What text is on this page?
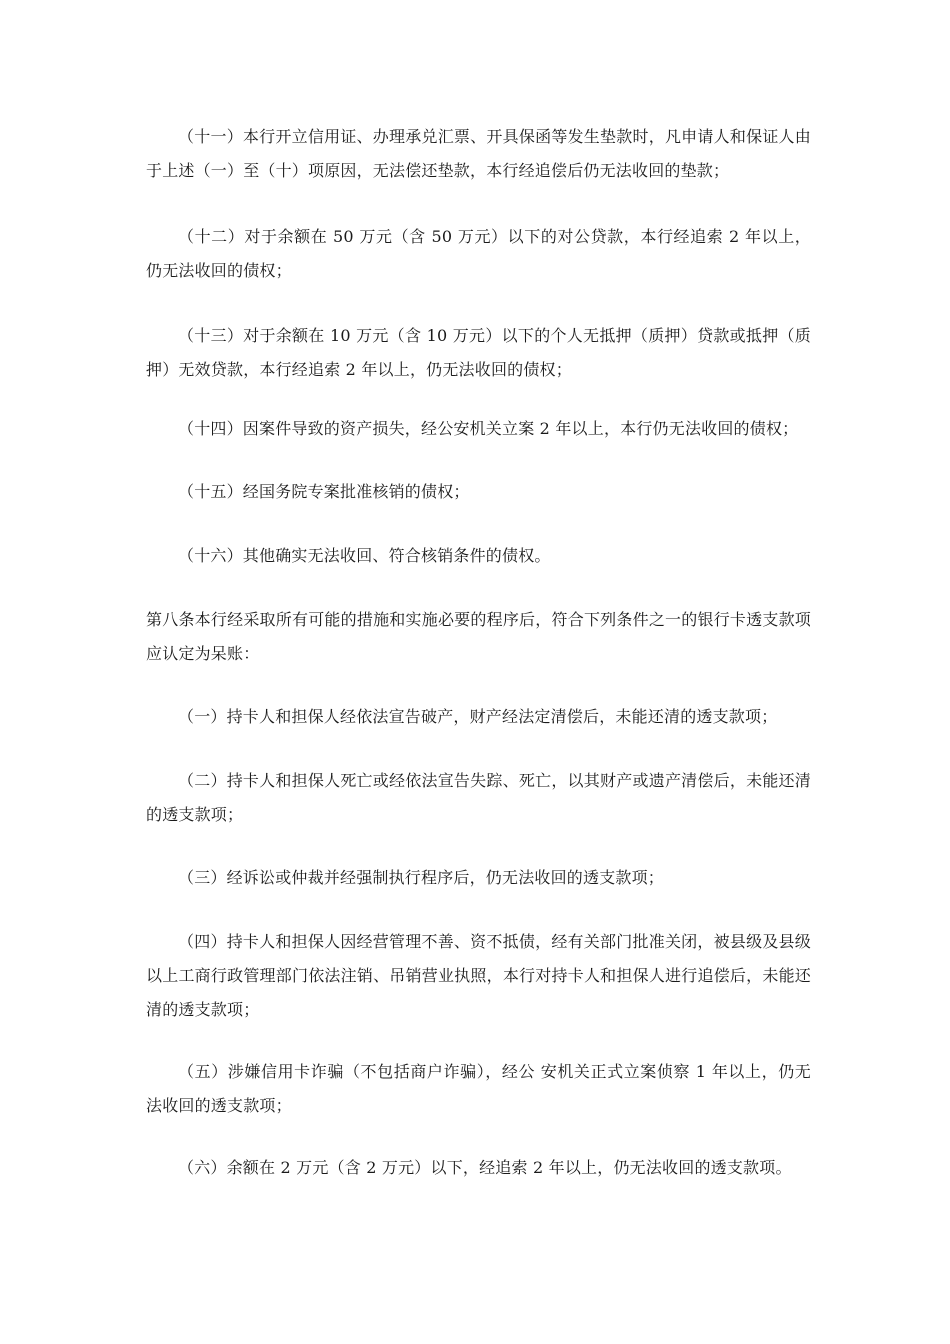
（十一）本行开立信用证、办理承兑汇票、开具保函等发生垫款时，凡申请人和保证人由于上述（一）至（十）项原因，无法偿还垫款，本行经追偿后仍无法收回的垫款；

（十二）对于余额在 50 万元（含 50 万元）以下的对公贷款，本行经追索 2 年以上，仍无法收回的债权；

（十三）对于余额在 10 万元（含 10 万元）以下的个人无抵押（质押）贷款或抵押（质押）无效贷款，本行经追索 2 年以上，仍无法收回的债权；

（十四）因案件导致的资产损失，经公安机关立案 2 年以上，本行仍无法收回的债权；

（十五）经国务院专案批准核销的债权；

（十六）其他确实无法收回、符合核销条件的债权。

第八条本行经采取所有可能的措施和实施必要的程序后，符合下列条件之一的银行卡透支款项应认定为呆账：

（一）持卡人和担保人经依法宣告破产，财产经法定清偿后，未能还清的透支款项；

（二）持卡人和担保人死亡或经依法宣告失踪、死亡，以其财产或遗产清偿后，未能还清的透支款项；

（三）经诉讼或仲裁并经强制执行程序后，仍无法收回的透支款项；

（四）持卡人和担保人因经营管理不善、资不抵债，经有关部门批准关闭，被县级及县级以上工商行政管理部门依法注销、吊销营业执照，本行对持卡人和担保人进行追偿后，未能还清的透支款项；

（五）涉嫌信用卡诈骗（不包括商户诈骗），经公 安机关正式立案侦察 1 年以上，仍无法收回的透支款项；

（六）余额在 2 万元（含 2 万元）以下，经追索 2 年以上，仍无法收回的透支款项。
